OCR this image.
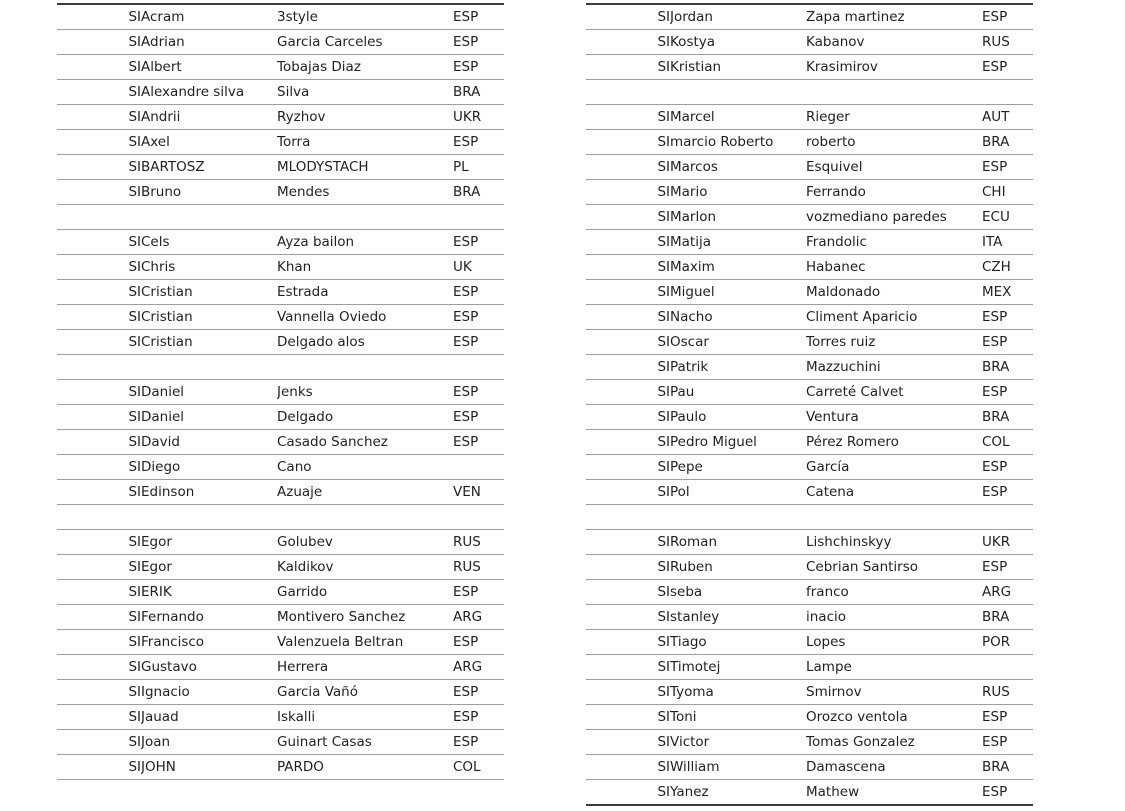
SI	Acram	3style	ESP
SI	Adrian	Garcia Carceles	ESP
SI	Albert	Tobajas Diaz	ESP
SI	Alexandre silva	Silva	BRA
SI	Andrii	Ryzhov	UKR
SI	Axel	Torra	ESP
SI	BARTOSZ	MLODYSTACH	PL
SI	Bruno	Mendes	BRA

SI	Cels	Ayza bailon	ESP
SI	Chris	Khan	UK
SI	Cristian	Estrada	ESP
SI	Cristian	Vannella Oviedo	ESP
SI	Cristian	Delgado alos	ESP

SI	Daniel	Jenks	ESP
SI	Daniel	Delgado	ESP
SI	David	Casado Sanchez	ESP
SI	Diego	Cano	
SI	Edinson	Azuaje	VEN

SI	Egor	Golubev	RUS
SI	Egor	Kaldikov	RUS
SI	ERIK	Garrido	ESP
SI	Fernando	Montivero Sanchez	ARG
SI	Francisco	Valenzuela Beltran	ESP
SI	Gustavo	Herrera	ARG
SI	Ignacio	Garcia Vañó	ESP
SI	Jauad	Iskalli	ESP
SI	Joan	Guinart Casas	ESP
SI	JOHN	PARDO	COL
SI	Jordan	Zapa martinez	ESP
SI	Kostya	Kabanov	RUS
SI	Kristian	Krasimirov	ESP

SI	Marcel	Rieger	AUT
SI	marcio Roberto	roberto	BRA
SI	Marcos	Esquivel	ESP
SI	Mario	Ferrando	CHI
SI	Marlon	vozmediano paredes	ECU
SI	Matija	Frandolic	ITA
SI	Maxim	Habanec	CZH
SI	Miguel	Maldonado	MEX
SI	Nacho	Climent Aparicio	ESP
SI	Oscar	Torres ruiz	ESP
SI	Patrik	Mazzuchini	BRA
SI	Pau	Carreté Calvet	ESP
SI	Paulo	Ventura	BRA
SI	Pedro Miguel	Pérez Romero	COL
SI	Pepe	García	ESP
SI	Pol	Catena	ESP

SI	Roman	Lishchinskyy	UKR
SI	Ruben	Cebrian Santirso	ESP
SI	seba	franco	ARG
SI	stanley	inacio	BRA
SI	Tiago	Lopes	POR
SI	Timotej	Lampe	
SI	Tyoma	Smirnov	RUS
SI	Toni	Orozco ventola	ESP
SI	Victor	Tomas Gonzalez	ESP
SI	William	Damascena	BRA
SI	Yanez	Mathew	ESP
